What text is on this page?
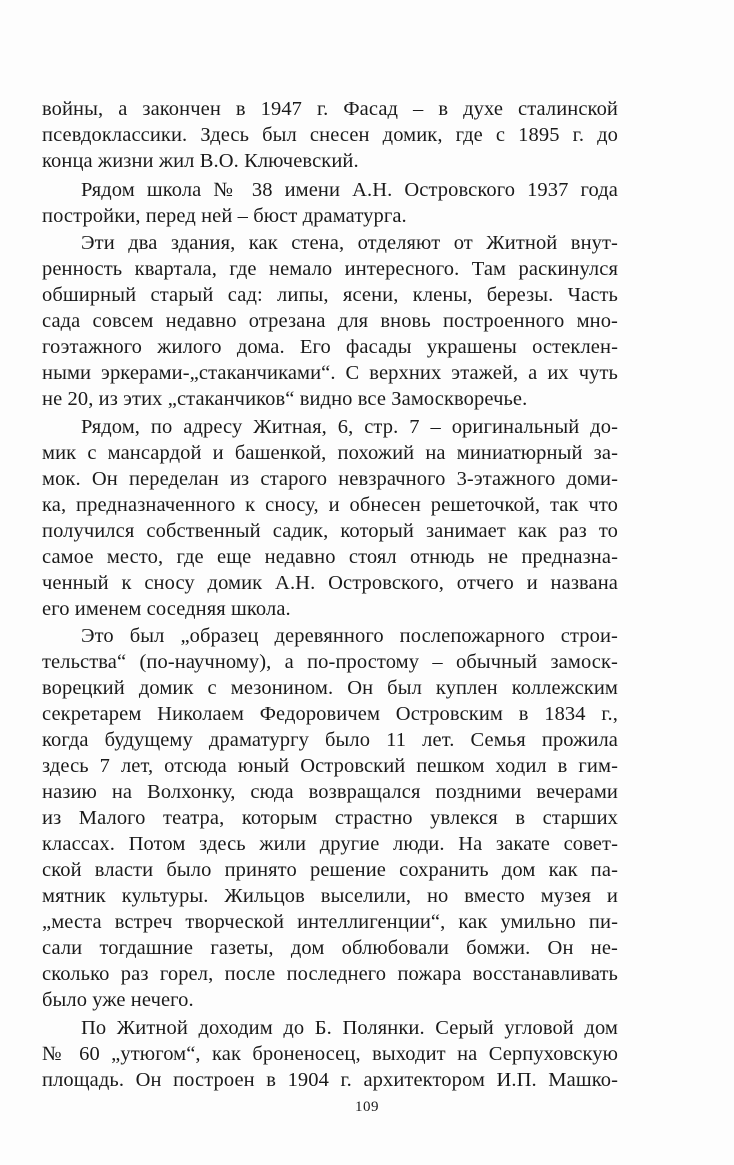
войны, а закончен в 1947 г. Фасад – в духе сталинской
псевдоклассики. Здесь был снесен домик, где с 1895 г. до
конца жизни жил В.О. Ключевский.
Рядом школа № 38 имени А.Н. Островского 1937 года
постройки, перед ней – бюст драматурга.
Эти два здания, как стена, отделяют от Житной внут-
ренность квартала, где немало интересного. Там раскинулся
обширный старый сад: липы, ясени, клены, березы. Часть
сада совсем недавно отрезана для вновь построенного мно-
гоэтажного жилого дома. Его фасады украшены остеклен-
ными эркерами-„стаканчиками“. С верхних этажей, а их чуть
не 20, из этих „стаканчиков“ видно все Замоскворечье.
Рядом, по адресу Житная, 6, стр. 7 – оригинальный до-
мик с мансардой и башенкой, похожий на миниатюрный за-
мок. Он переделан из старого невзрачного 3-этажного доми-
ка, предназначенного к сносу, и обнесен решеточкой, так что
получился собственный садик, который занимает как раз то
самое место, где еще недавно стоял отнюдь не предназна-
ченный к сносу домик А.Н. Островского, отчего и названа
его именем соседняя школа.
Это был „образец деревянного послепожарного строи-
тельства“ (по-научному), а по-простому – обычный замоск-
ворецкий домик с мезонином. Он был куплен коллежским
секретарем Николаем Федоровичем Островским в 1834 г.,
когда будущему драматургу было 11 лет. Семья прожила
здесь 7 лет, отсюда юный Островский пешком ходил в гим-
назию на Волхонку, сюда возвращался поздними вечерами
из Малого театра, которым страстно увлекся в старших
классах. Потом здесь жили другие люди. На закате совет-
ской власти было принято решение сохранить дом как па-
мятник культуры. Жильцов выселили, но вместо музея и
„места встреч творческой интеллигенции“, как умильно пи-
сали тогдашние газеты, дом облюбовали бомжи. Он не-
сколько раз горел, после последнего пожара восстанавливать
было уже нечего.
По Житной доходим до Б. Полянки. Серый угловой дом
№ 60 „утюгом“, как броненосец, выходит на Серпуховскую
площадь. Он построен в 1904 г. архитектором И.П. Машко-
109
